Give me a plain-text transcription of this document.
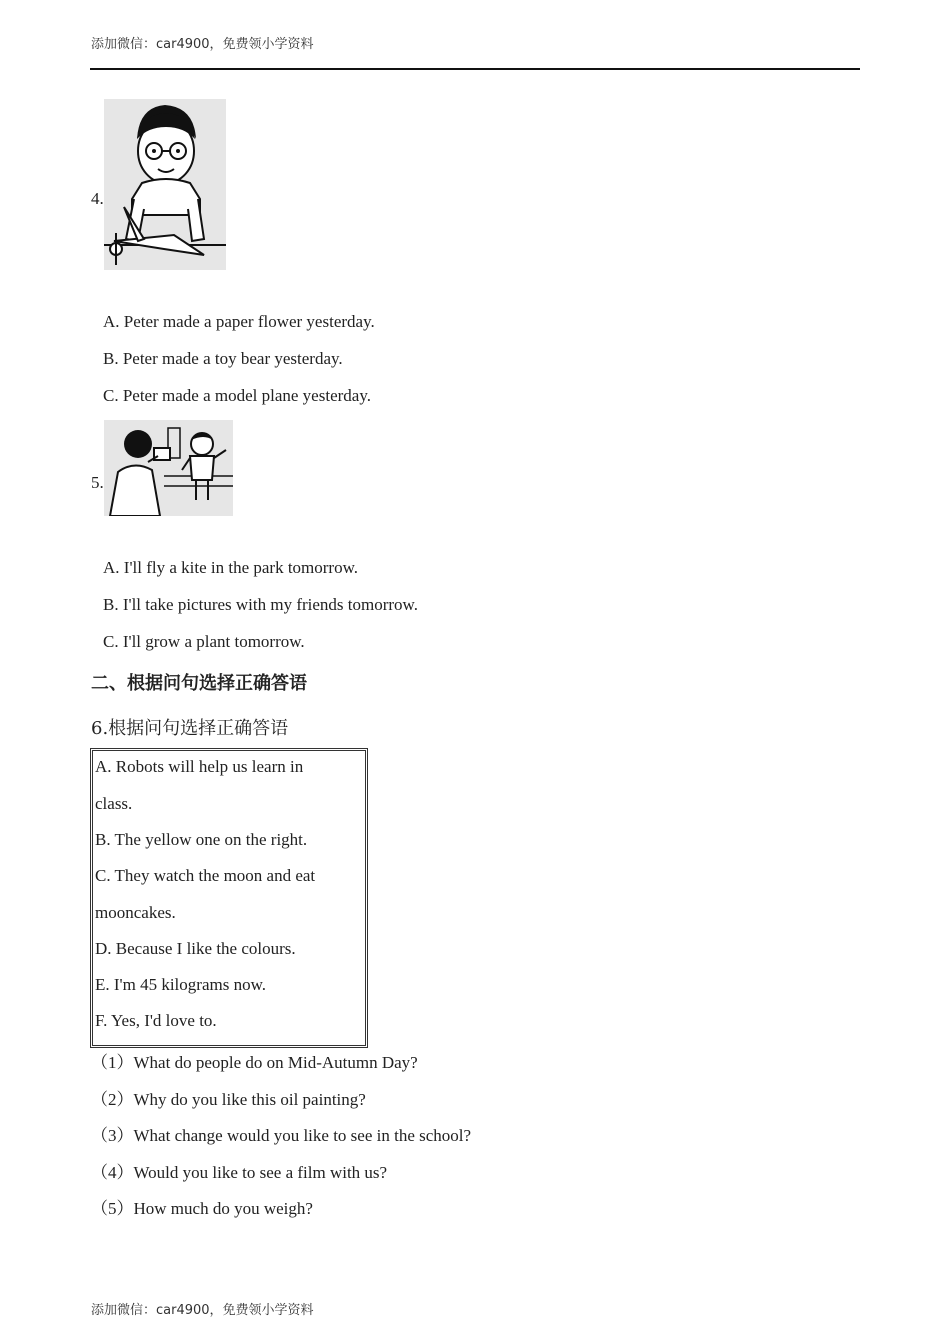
添加微信：car4900，免费领小学资料
4.
A. Peter made a paper flower yesterday.
B. Peter made a toy bear yesterday.
C. Peter made a model plane yesterday.
5.
A. I'll fly a kite in the park tomorrow.
B. I'll take pictures with my friends tomorrow.
C. I'll grow a plant tomorrow.
二、根据问句选择正确答语
6.根据问句选择正确答语
A. Robots will help us learn in
class.
B. The yellow one on the right.
C. They watch the moon and eat
mooncakes.
D. Because I like the colours.
E. I'm 45 kilograms now.
F. Yes, I'd love to.
（1）What do people do on Mid-Autumn Day?
（2）Why do you like this oil painting?
（3）What change would you like to see in the school?
（4）Would you like to see a film with us?
（5）How much do you weigh?
添加微信：car4900，免费领小学资料
